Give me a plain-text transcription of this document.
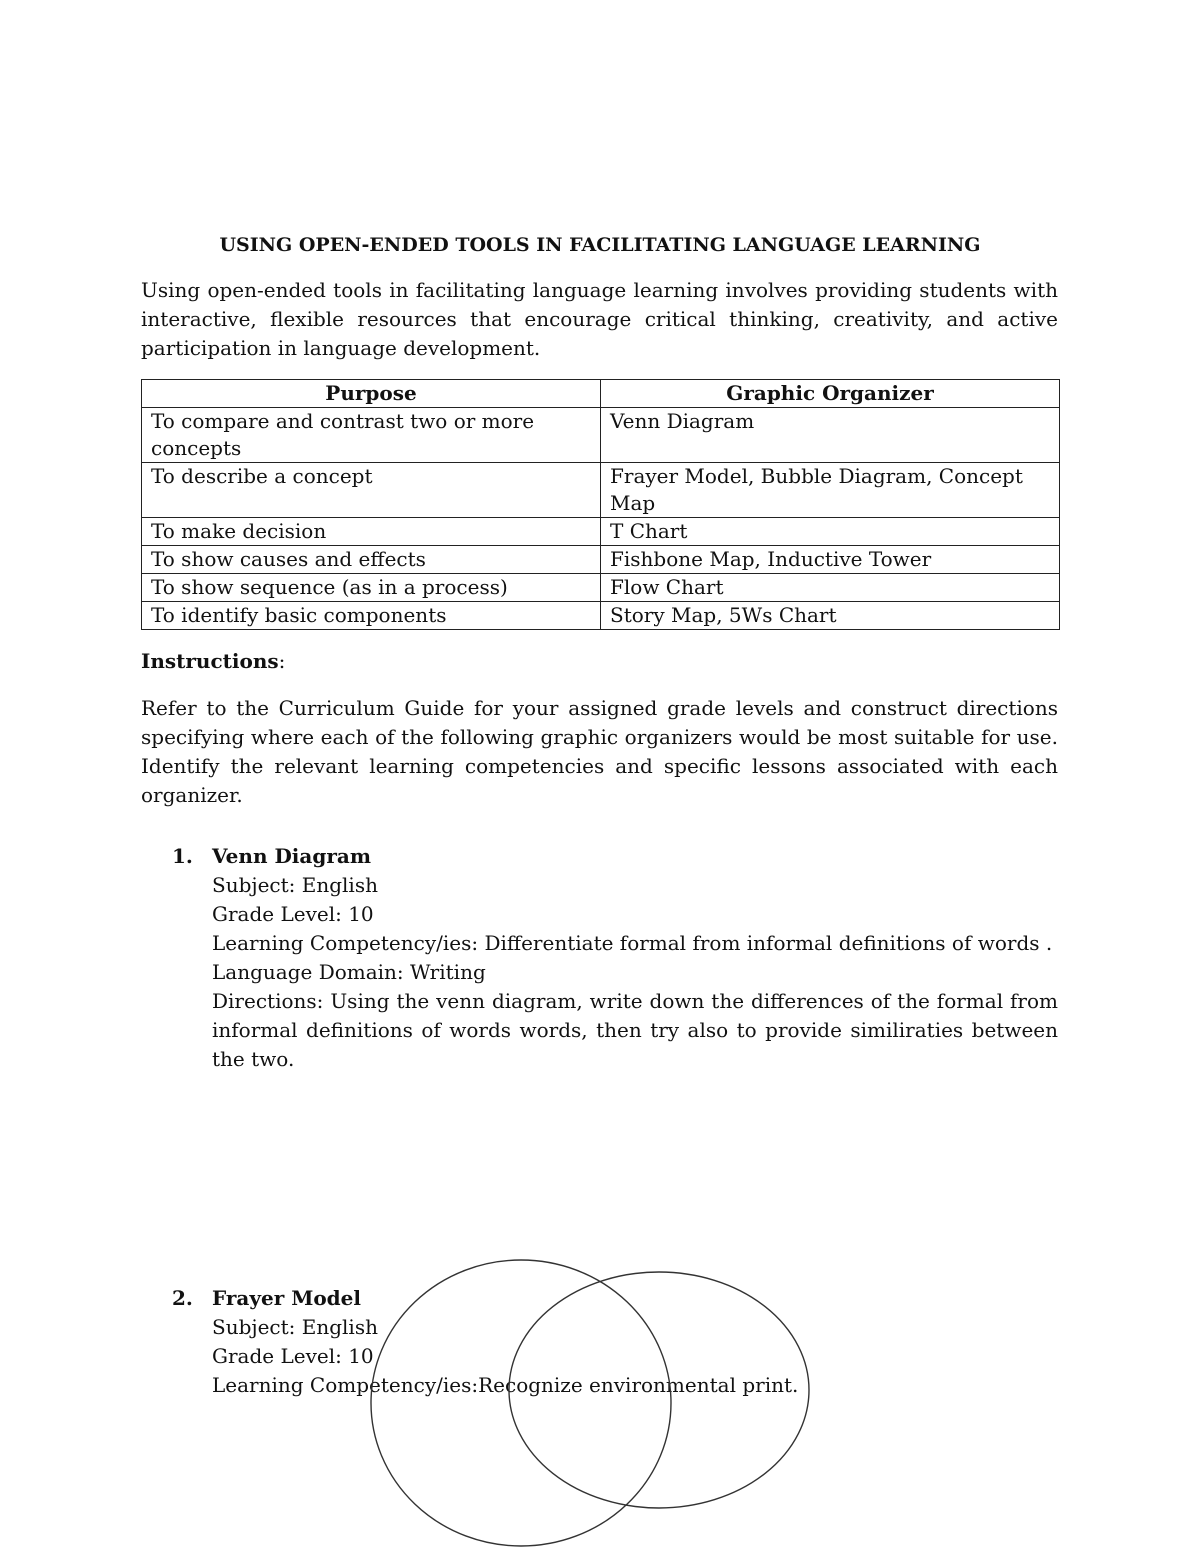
USING OPEN-ENDED TOOLS IN FACILITATING LANGUAGE LEARNING

Using open-ended tools in facilitating language learning involves providing students with interactive, flexible resources that encourage critical thinking, creativity, and active participation in language development.

Purpose	Graphic Organizer
To compare and contrast two or more concepts	Venn Diagram
To describe a concept	Frayer Model, Bubble Diagram, Concept Map
To make decision	T Chart
To show causes and effects	Fishbone Map, Inductive Tower
To show sequence (as in a process)	Flow Chart
To identify basic components	Story Map, 5Ws Chart
Instructions:

Refer to the Curriculum Guide for your assigned grade levels and construct directions specifying where each of the following graphic organizers would be most suitable for use. Identify the relevant learning competencies and specific lessons associated with each organizer.

1. Venn Diagram
Subject: English
Grade Level: 10
Learning Competency/ies: Differentiate formal from informal definitions of words .
Language Domain: Writing
Directions: Using the venn diagram, write down the differences of the formal from informal definitions of words words, then try also to provide similiraties between the two.
2. Frayer Model
Subject: English
Grade Level: 10
Learning Competency/ies:Recognize environmental print.
